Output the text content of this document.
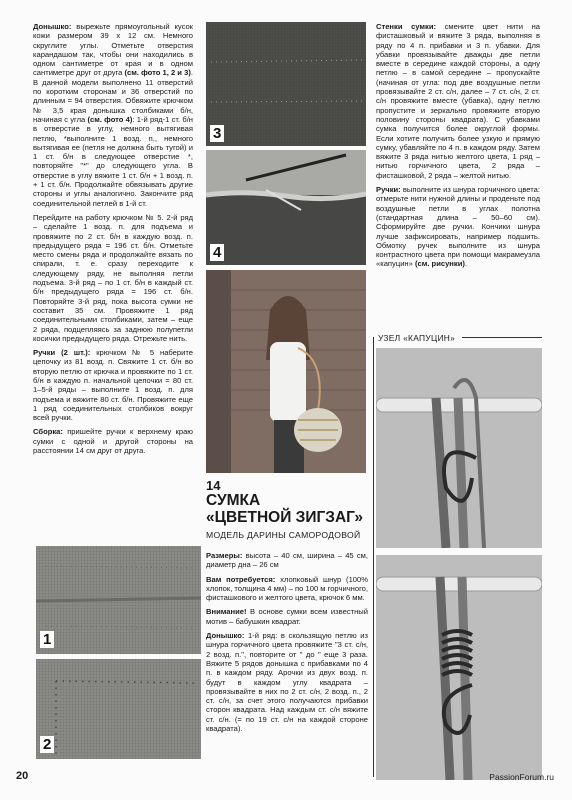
Донышко: вырежьте прямоугольный кусок кожи размером 39 х 12 см. Немного скруглите углы. Отметьте отверстия карандашом так, чтобы они находились в одном сантиметре от края и в одном сантиметре друг от друга (см. фото 1, 2 и 3). В данной модели выполнено 11 отверстий по коротким сторонам и 36 отверстий по длинным = 94 отверстия. Обвяжите крючком № 3,5 края донышка столбиками б/н, начиная с угла (см. фото 4): 1-й ряд-1 ст. б/н в отверстие в углу, немного вытягивая петлю, *выполните 1 возд. п., немного вытягивая ее (петля не должна быть тугой) и 1 ст. б/н в следующее отверстие *, повторяйте "*" до следующего угла. В отверстие в углу вяжите 1 ст. б/н + 1 возд. п. + 1 ст. б/н. Продолжайте обвязывать другие стороны и углы аналогично. Закончите ряд соединительной петлей в 1-й ст.

Перейдите на работу крючком № 5. 2-й ряд – сделайте 1 возд. п. для подъема и провяжите по 2 ст. б/н в каждую возд. п. предыдущего ряда = 196 ст. б/н. Отметьте место смены ряда и продолжайте вязать по спирали, т. е. сразу переходите к следующему ряду, не выполняя петли подъема. 3-й ряд – по 1 ст. б/н в каждый ст. б/н предыдущего ряда = 196 ст. б/н. Повторяйте 3-й ряд, пока высота сумки не составит 35 см. Провяжите 1 ряд соединительными столбиками, затем – еще 2 ряда, подцепляясь за заднюю полупетли косички предыдущего ряда. Отрежьте нить.

Ручки (2 шт.): крючком № 5 наберите цепочку из 81 возд. п. Свяжите 1 ст. б/н во вторую петлю от крючка и провяжите по 1 ст. б/н в каждую п. начальной цепочки = 80 ст. 1–5-й ряды – выполните 1 возд. п. для подъема и вяжите 80 ст. б/н. Провяжите еще 1 ряд соединительных столбиков вокруг всей ручки.

Сборка: пришейте ручки к верхнему краю сумки с одной и другой стороны на расстоянии 14 см друг от друга.

1
2
3
4
14
СУМКА
«ЦВЕТНОЙ ЗИГЗАГ»
МОДЕЛЬ ДАРИНЫ САМОРОДОВОЙ

Размеры: высота – 40 см, ширина – 45 см, диаметр дна – 26 см

Вам потребуется: хлопковый шнур (100% хлопок, толщина 4 мм) – по 100 м горчичного, фисташкового и желтого цвета, крючок 6 мм.

Внимание! В основе сумки всем известный мотив – бабушкин квадрат.

Донышко: 1-й ряд: в скользящую петлю из шнура горчичного цвета провяжите "3 ст. с/н, 2 возд. п.", повторите от " до " еще 3 раза. Вяжите 5 рядов донышка с прибавками по 4 п. в каждом ряду. Арочки из двух возд. п. будут в каждом углу квадрата – провязывайте в них по 2 ст. с/н, 2 возд. п., 2 ст. с/н, за счет этого получаются прибавки сторон квадрата. Над каждым ст. с/н вяжите ст. с/н. (= по 19 ст. с/н на каждой стороне квадрата).

Стенки сумки: смените цвет нити на фисташковый и вяжите 3 ряда, выполняя в ряду по 4 п. прибавки и 3 п. убавки. Для убавки провязывайте дважды две петли вместе в середине каждой стороны, а одну петлю – в самой середине – пропускайте (начиная от угла: под две воздушные петли провязывайте 2 ст. с/н, далее – 7 ст. с/н, 2 ст. с/н провяжите вместе (убавка), одну петлю пропустите и зеркально провяжите вторую половину стороны квадрата). С убавками сумка получится более округлой формы. Если хотите получить более узкую и прямую сумку, убавляйте по 4 п. в каждом ряду. Затем вяжите 3 ряда нитью желтого цвета, 1 ряд – нитью горчичного цвета, 2 ряда – фисташковой, 2 ряда – желтой нитью.

Ручки: выполните из шнура горчичного цвета: отмерьте нити нужной длины и проденьте под воздушные петли в углах полотна (стандартная длина – 50–60 см). Сформируйте две ручки. Кончики шнура лучше зафиксировать, например подшить. Обмотку ручек выполните из шнура контрастного цвета при помощи макрамеузла «капуцин» (см. рисунки).

УЗЕЛ «КАПУЦИН»
20	PassionForum.ru
